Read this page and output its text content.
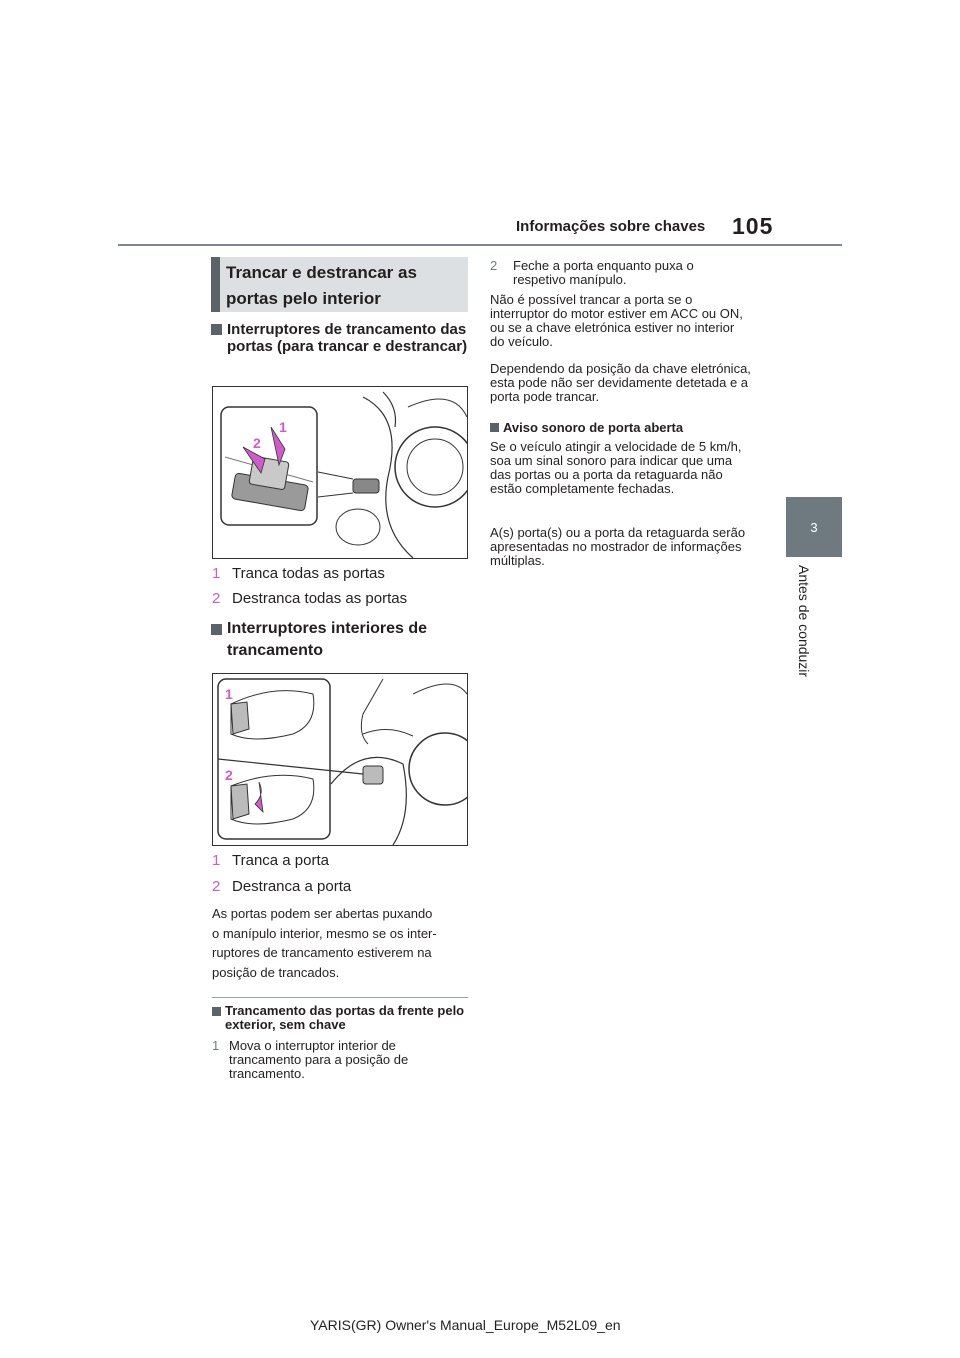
Informações sobre chaves 105
3
Antes de conduzir
Trancar e destrancar as portas pelo interior
Interruptores de trancamento das portas (para trancar e destrancar)
1
2
1 Tranca todas as portas
2 Destranca todas as portas
Interruptores interiores de
trancamento
1
2
1 Tranca a porta
2 Destranca a porta
As portas podem ser abertas puxando
o manípulo interior, mesmo se os inter-
ruptores de trancamento estiverem na
posição de trancados.
Trancamento das portas da frente pelo exterior, sem chave
1 Mova o interruptor interior de trancamento para a posição de trancamento.
2	Feche a porta enquanto puxa o respetivo manípulo.
Não é possível trancar a porta se o interruptor do motor estiver em ACC ou ON, ou se a chave eletrónica estiver no interior do veículo.
Dependendo da posição da chave eletrónica, esta pode não ser devidamente detetada e a porta pode trancar.
Aviso sonoro de porta aberta
Se o veículo atingir a velocidade de 5 km/h, soa um sinal sonoro para indicar que uma das portas ou a porta da retaguarda não estão completamente fechadas.
A(s) porta(s) ou a porta da retaguarda serão apresentadas no mostrador de informações múltiplas.
YARIS(GR) Owner's Manual_Europe_M52L09_en
